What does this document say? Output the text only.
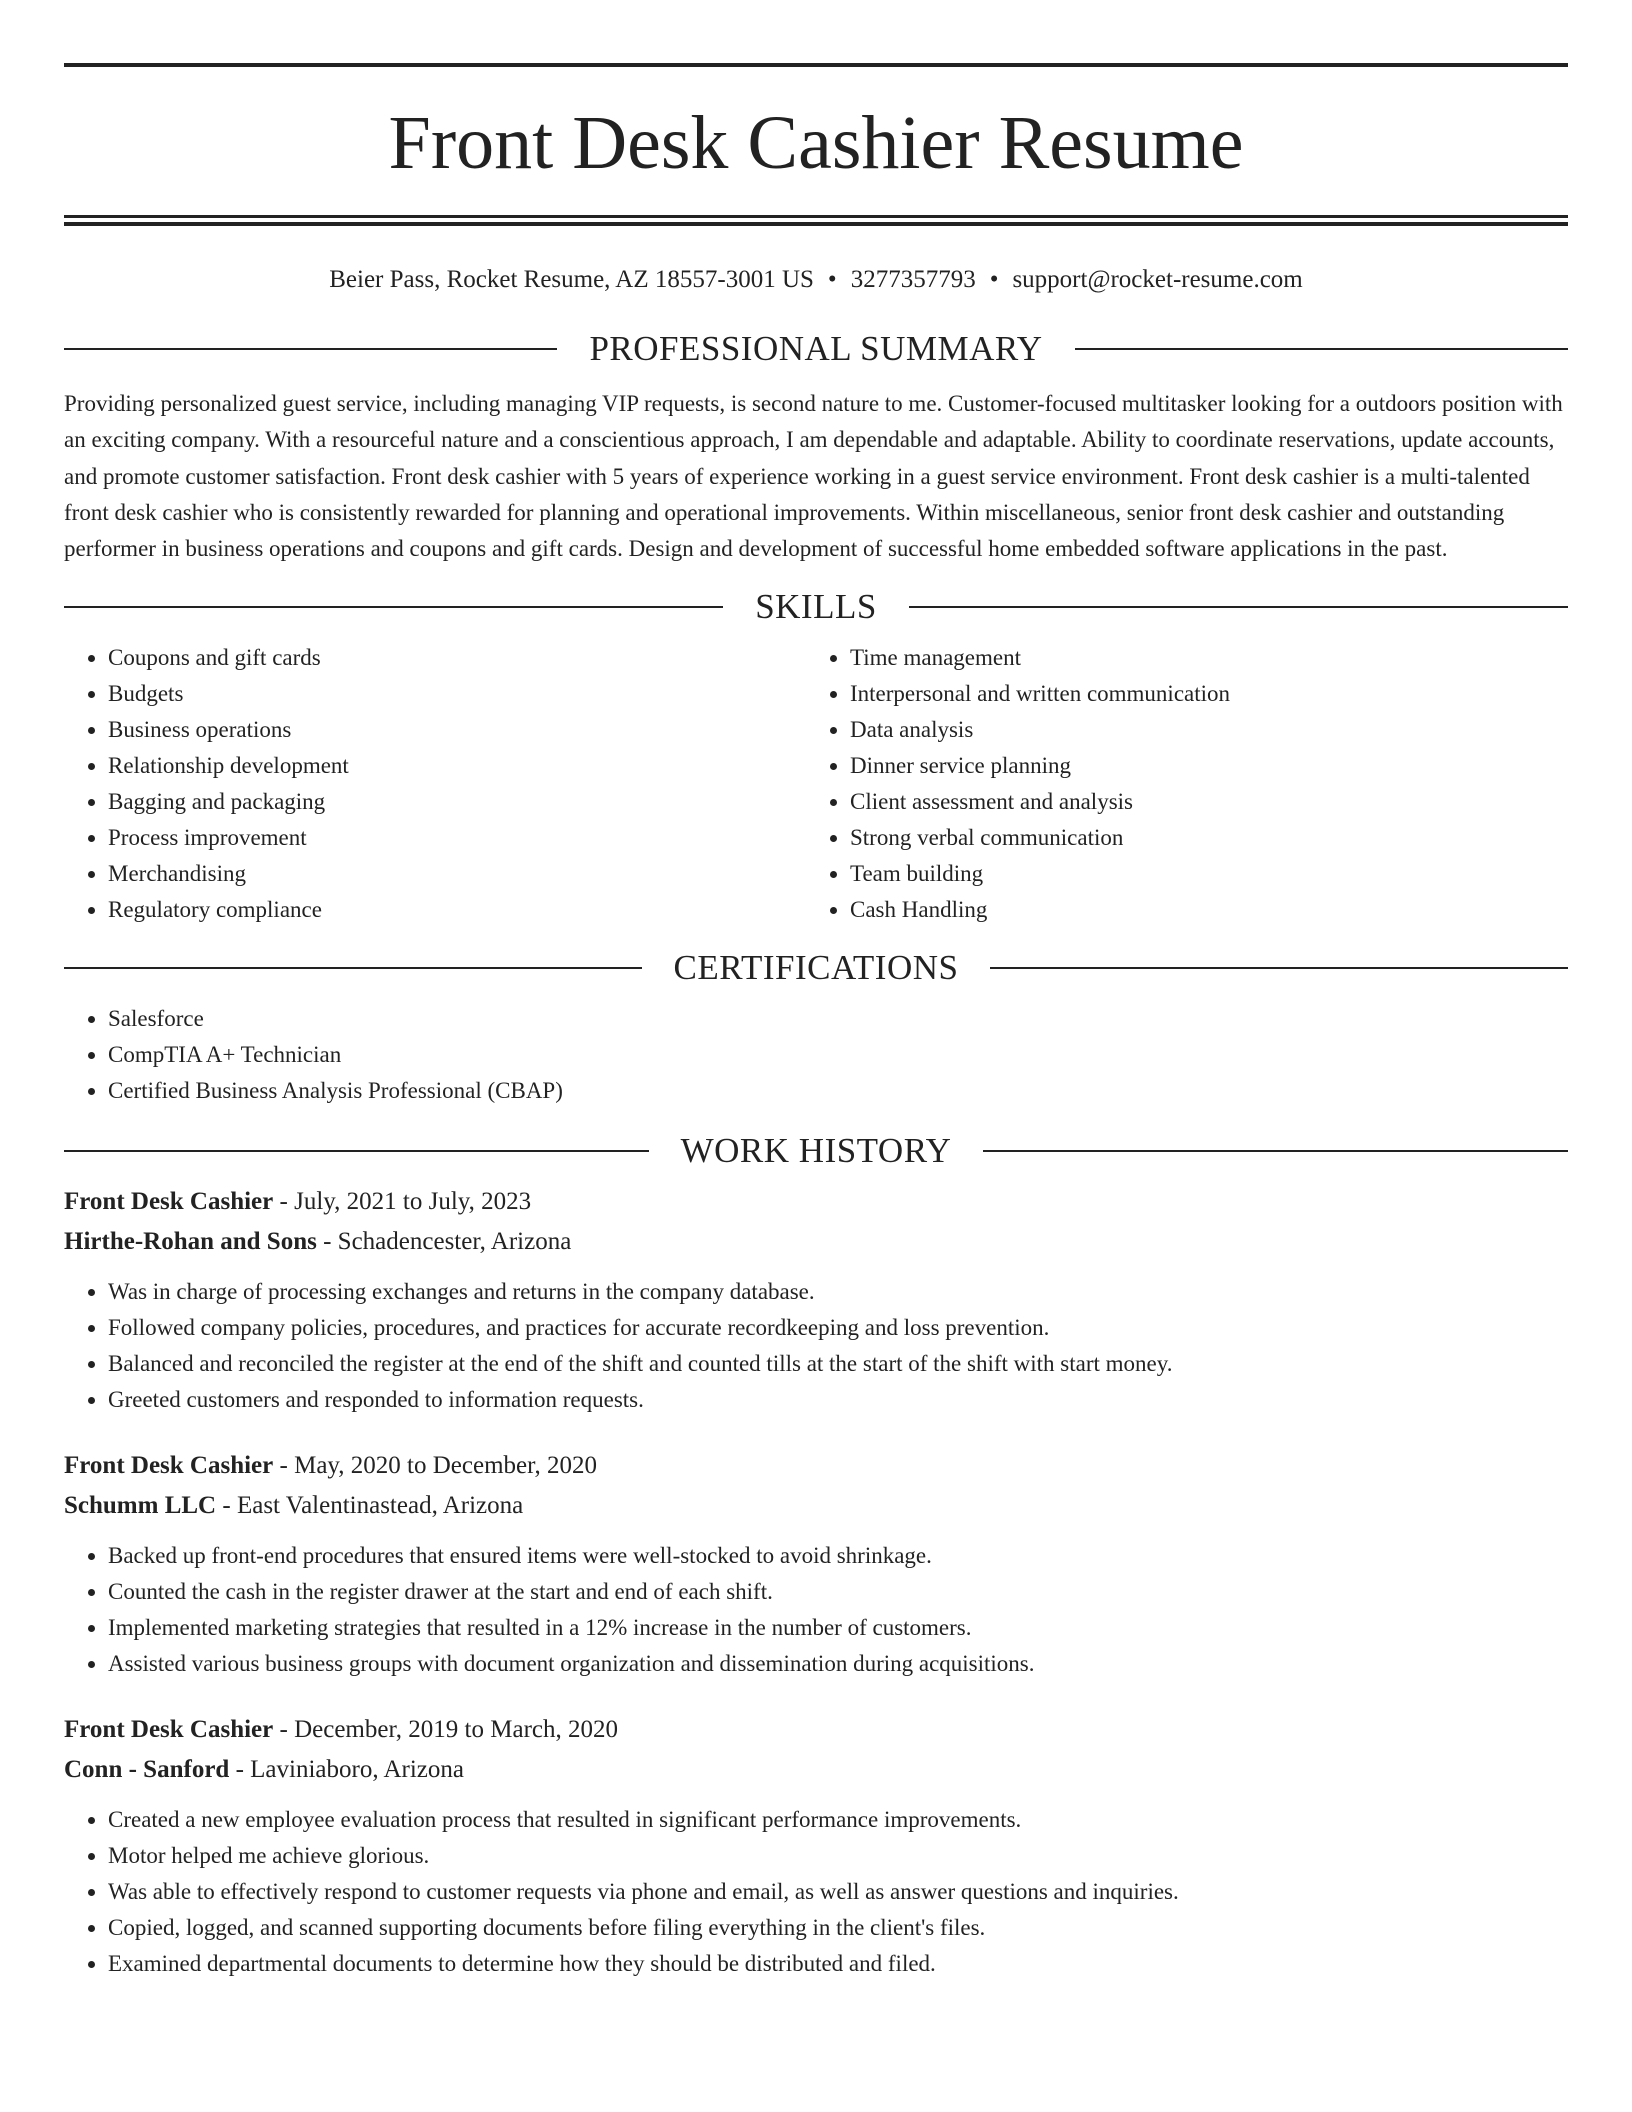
Front Desk Cashier Resume
Beier Pass, Rocket Resume, AZ 18557-3001 US • 3277357793 • support@rocket-resume.com
PROFESSIONAL SUMMARY

Providing personalized guest service, including managing VIP requests, is second nature to me. Customer-focused multitasker looking for a outdoors position with an exciting company. With a resourceful nature and a conscientious approach, I am dependable and adaptable. Ability to coordinate reservations, update accounts, and promote customer satisfaction. Front desk cashier with 5 years of experience working in a guest service environment. Front desk cashier is a multi-talented front desk cashier who is consistently rewarded for planning and operational improvements. Within miscellaneous, senior front desk cashier and outstanding performer in business operations and coupons and gift cards. Design and development of successful home embedded software applications in the past.

SKILLS
• Coupons and gift cards
• Budgets
• Business operations
• Relationship development
• Bagging and packaging
• Process improvement
• Merchandising
• Regulatory compliance
• Time management
• Interpersonal and written communication
• Data analysis
• Dinner service planning
• Client assessment and analysis
• Strong verbal communication
• Team building
• Cash Handling
CERTIFICATIONS
• Salesforce
• CompTIA A+ Technician
• Certified Business Analysis Professional (CBAP)
WORK HISTORY
Front Desk Cashier - July, 2021 to July, 2023
Hirthe-Rohan and Sons - Schadencester, Arizona
• Was in charge of processing exchanges and returns in the company database.
• Followed company policies, procedures, and practices for accurate recordkeeping and loss prevention.
• Balanced and reconciled the register at the end of the shift and counted tills at the start of the shift with start money.
• Greeted customers and responded to information requests.
Front Desk Cashier - May, 2020 to December, 2020
Schumm LLC - East Valentinastead, Arizona
• Backed up front-end procedures that ensured items were well-stocked to avoid shrinkage.
• Counted the cash in the register drawer at the start and end of each shift.
• Implemented marketing strategies that resulted in a 12% increase in the number of customers.
• Assisted various business groups with document organization and dissemination during acquisitions.
Front Desk Cashier - December, 2019 to March, 2020
Conn - Sanford - Laviniaboro, Arizona
• Created a new employee evaluation process that resulted in significant performance improvements.
• Motor helped me achieve glorious.
• Was able to effectively respond to customer requests via phone and email, as well as answer questions and inquiries.
• Copied, logged, and scanned supporting documents before filing everything in the client's files.
• Examined departmental documents to determine how they should be distributed and filed.
